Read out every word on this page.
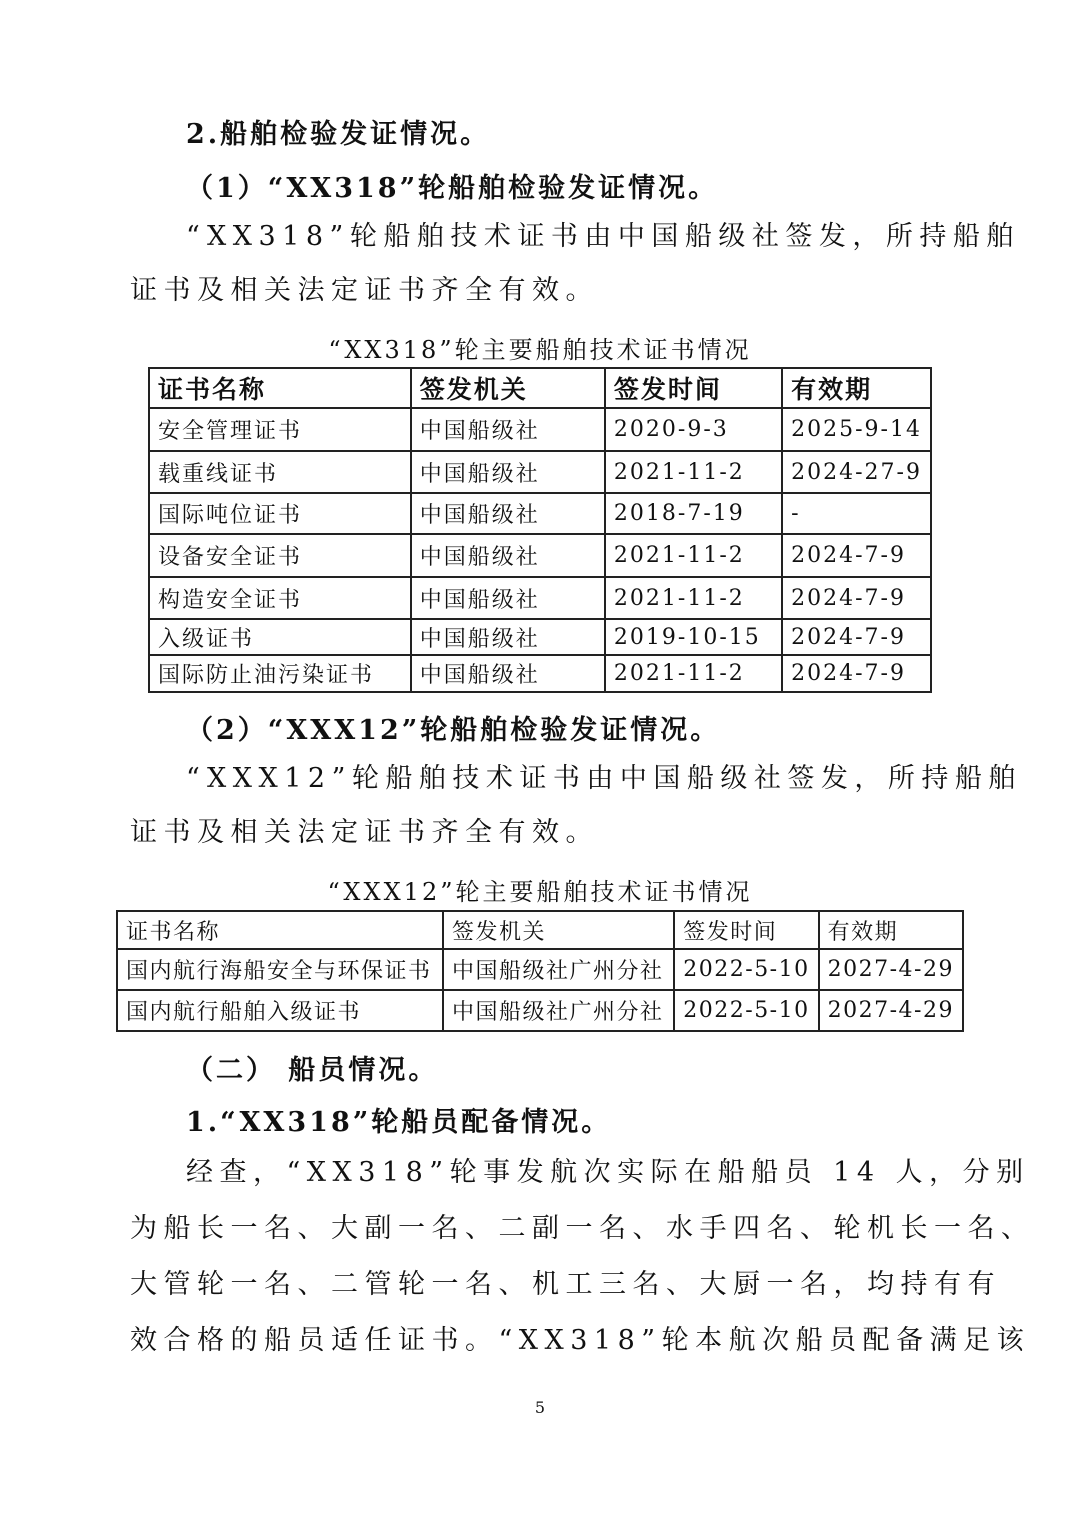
2.船舶检验发证情况。
（1）“XX318”轮船舶检验发证情况。
“XX318”轮船舶技术证书由中国船级社签发，所持船舶
证书及相关法定证书齐全有效。
“XX318”轮主要船舶技术证书情况
证书名称	签发机关	签发时间	有效期
安全管理证书	中国船级社	2020-9-3	2025-9-14
载重线证书	中国船级社	2021-11-2	2024-27-9
国际吨位证书	中国船级社	2018-7-19	-
设备安全证书	中国船级社	2021-11-2	2024-7-9
构造安全证书	中国船级社	2021-11-2	2024-7-9
入级证书	中国船级社	2019-10-15	2024-7-9
国际防止油污染证书	中国船级社	2021-11-2	2024-7-9
（2）“XXX12”轮船舶检验发证情况。
“XXX12”轮船舶技术证书由中国船级社签发，所持船舶
证书及相关法定证书齐全有效。
“XXX12”轮主要船舶技术证书情况
证书名称	签发机关	签发时间	有效期
国内航行海船安全与环保证书	中国船级社广州分社	2022-5-10	2027-4-29
国内航行船舶入级证书	中国船级社广州分社	2022-5-10	2027-4-29
（二） 船员情况。
1.“XX318”轮船员配备情况。
经查，“XX318”轮事发航次实际在船船员 14 人，分别
为船长一名、大副一名、二副一名、水手四名、轮机长一名、
大管轮一名、二管轮一名、机工三名、大厨一名，均持有有
效合格的船员适任证书。“XX318”轮本航次船员配备满足该
5
